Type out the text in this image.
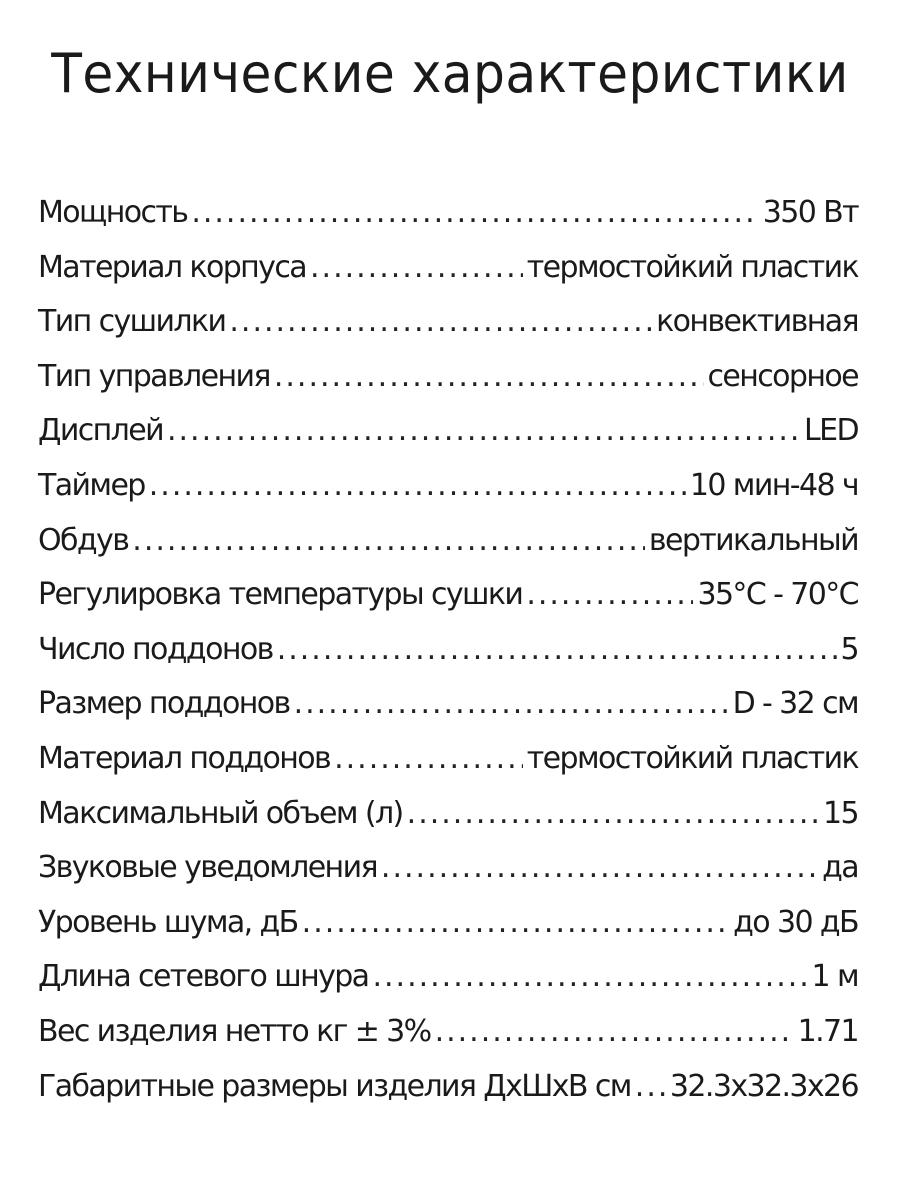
Технические характеристики
Мощность .....	350 Вт
Материал корпуса .....	термостойкий пластик
Тип сушилки .....	конвективная
Тип управления .....	сенсорное
Дисплей .....	LED
Таймер .....	10 мин-48 ч
Обдув .....	вертикальный
Регулировка температуры сушки .....	35°C - 70°C
Число поддонов .....	5
Размер поддонов .....	D - 32 см
Материал поддонов .....	термостойкий пластик
Максимальный объем (л) .....	15
Звуковые уведомления .....	да
Уровень шума, дБ .....	до 30 дБ
Длина сетевого шнура .....	1 м
Вес изделия нетто кг ± 3% .....	1.71
Габаритные размеры изделия ДхШхВ см ..... 32.3х32.3х26
